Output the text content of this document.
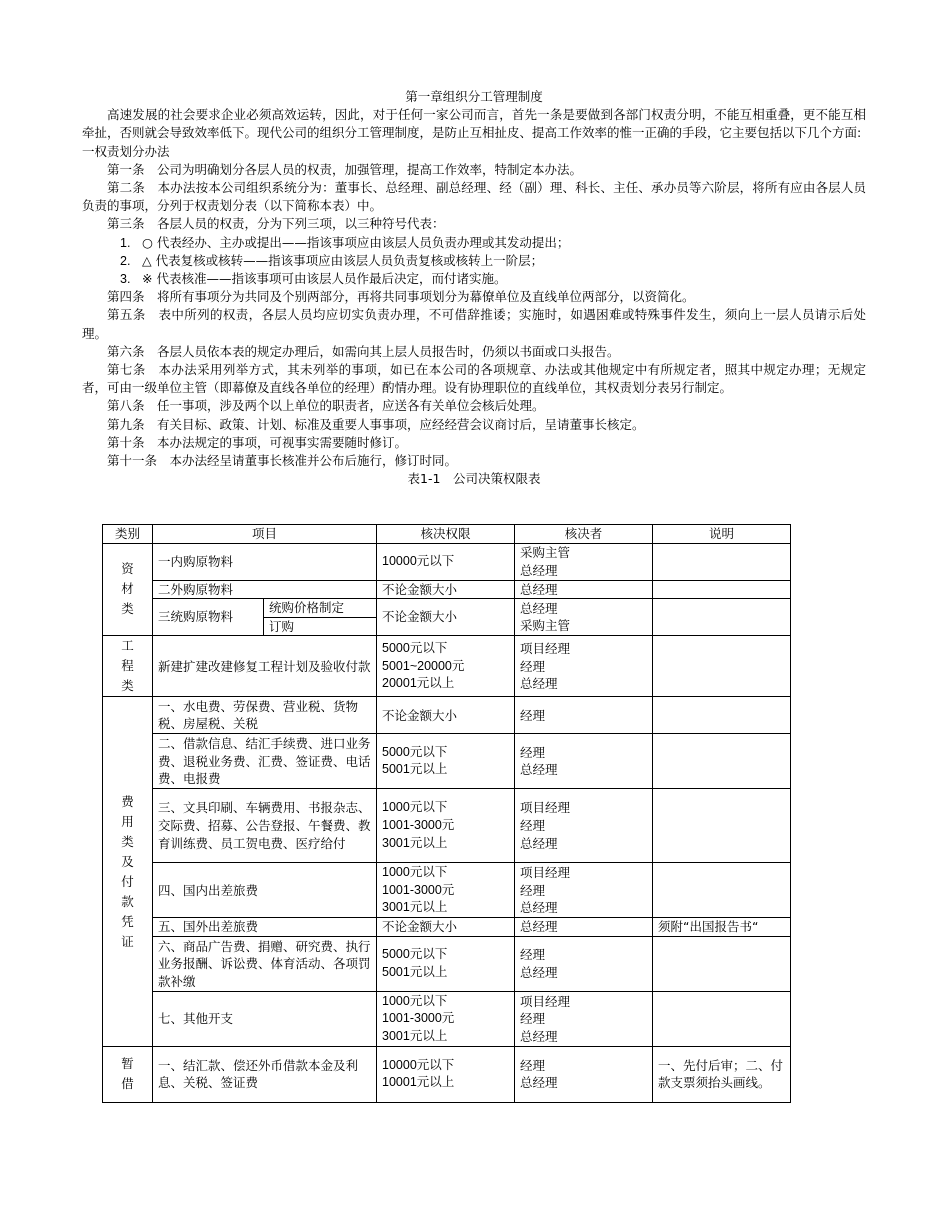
第一章组织分工管理制度

高速发展的社会要求企业必须高效运转，因此，对于任何一家公司而言，首先一条是要做到各部门权责分明，不能互相重叠，更不能互相牵扯，否则就会导致效率低下。现代公司的组织分工管理制度，是防止互相扯皮、提高工作效率的惟一正确的手段，它主要包括以下几个方面:

一权责划分办法

第一条　公司为明确划分各层人员的权责，加强管理，提高工作效率，特制定本办法。

第二条　本办法按本公司组织系统分为：董事长、总经理、副总经理、经（副）理、科长、主任、承办员等六阶层，将所有应由各层人员负责的事项，分列于权责划分表（以下简称本表）中。

第三条　各层人员的权责，分为下列三项，以三种符号代表：

1. ○ 代表经办、主办或提出——指该事项应由该层人员负责办理或其发动提出；

2. △ 代表复核或核转——指该事项应由该层人员负责复核或核转上一阶层；

3. ※ 代表核准——指该事项可由该层人员作最后决定，而付诸实施。

第四条　将所有事项分为共同及个别两部分，再将共同事项划分为幕僚单位及直线单位两部分，以资简化。

第五条　表中所列的权责，各层人员均应切实负责办理，不可借辞推诿；实施时，如遇困难或特殊事件发生，须向上一层人员请示后处理。

第六条　各层人员依本表的规定办理后，如需向其上层人员报告时，仍须以书面或口头报告。

第七条　本办法采用列举方式，其未列举的事项，如已在本公司的各项规章、办法或其他规定中有所规定者，照其中规定办理；无规定者，可由一级单位主管（即幕僚及直线各单位的经理）酌情办理。设有协理职位的直线单位，其权责划分表另行制定。

第八条　任一事项，涉及两个以上单位的职责者，应送各有关单位会核后处理。

第九条　有关目标、政策、计划、标准及重要人事事项，应经经营会议商讨后，呈请董事长核定。

第十条　本办法规定的事项，可视事实需要随时修订。

第十一条　本办法经呈请董事长核准并公布后施行，修订时同。

表1-1　公司决策权限表

类别	项目		核决权限	核决者	说明

资材类	一内购原物料		10000元以下	采购主管
总经理	

	二外购原物料		不论金额大小	总经理	
	三统购原物料	统购价格制定	不论金额大小	总经理
采购主管	

		订购			

工程类	新建扩建改建修复工程计划及验收付款		5000元以下
5001~20000元
20001元以上	项目经理
经理
总经理	

费用类及付款凭证	一、水电费、劳保费、营业税、货物税、房屋税、关税		不论金额大小	经理	
	二、借款信息、结汇手续费、进口业务费、退税业务费、汇费、签证费、电话费、电报费		5000元以下
5001元以上	经理
总经理	

	三、文具印刷、车辆费用、书报杂志、交际费、招募、公告登报、午餐费、教育训练费、员工贺电费、医疗给付		1000元以下
1001-3000元
3001元以上	项目经理
经理
总经理	

	四、国内出差旅费		1000元以下
1001-3000元
3001元以上	项目经理
经理
总经理	

	五、国外出差旅费		不论金额大小	总经理	须附“出国报告书“
	六、商品广告费、捐赠、研究费、执行业务报酬、诉讼费、体育活动、各项罚款补缴		5000元以下
5001元以上	经理
总经理	

	七、其他开支		1000元以下
1001-3000元
3001元以上	项目经理
经理
总经理	

暂借	一、结汇款、偿还外币借款本金及利息、关税、签证费		10000元以下
10001元以上	经理
总经理	一、先付后审；二、付款支票须抬头画线。
